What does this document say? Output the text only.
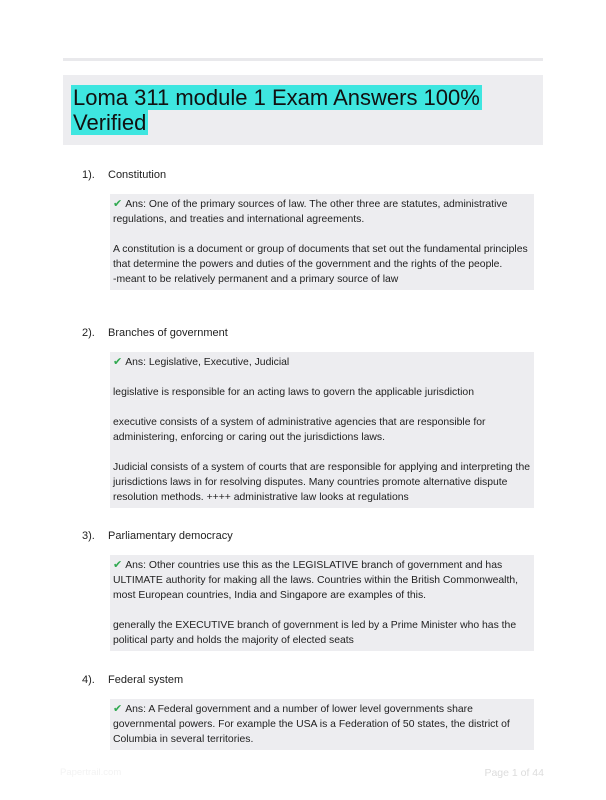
Loma 311 module 1 Exam Answers 100% Verified
1). Constitution

✔ Ans: One of the primary sources of law. The other three are statutes, administrative regulations, and treaties and international agreements.

A constitution is a document or group of documents that set out the fundamental principles that determine the powers and duties of the government and the rights of the people.
-meant to be relatively permanent and a primary source of law

2). Branches of government

✔ Ans: Legislative, Executive, Judicial

legislative is responsible for an acting laws to govern the applicable jurisdiction

executive consists of a system of administrative agencies that are responsible for administering, enforcing or caring out the jurisdictions laws.

Judicial consists of a system of courts that are responsible for applying and interpreting the jurisdictions laws in for resolving disputes. Many countries promote alternative dispute resolution methods. ++++ administrative law looks at regulations

3). Parliamentary democracy

✔ Ans: Other countries use this as the LEGISLATIVE branch of government and has ULTIMATE authority for making all the laws. Countries within the British Commonwealth, most European countries, India and Singapore are examples of this.

generally the EXECUTIVE branch of government is led by a Prime Minister who has the political party and holds the majority of elected seats

4). Federal system

✔ Ans: A Federal government and a number of lower level governments share governmental powers. For example the USA is a Federation of 50 states, the district of Columbia in several territories.

Papertrail.com	Page 1 of 44
